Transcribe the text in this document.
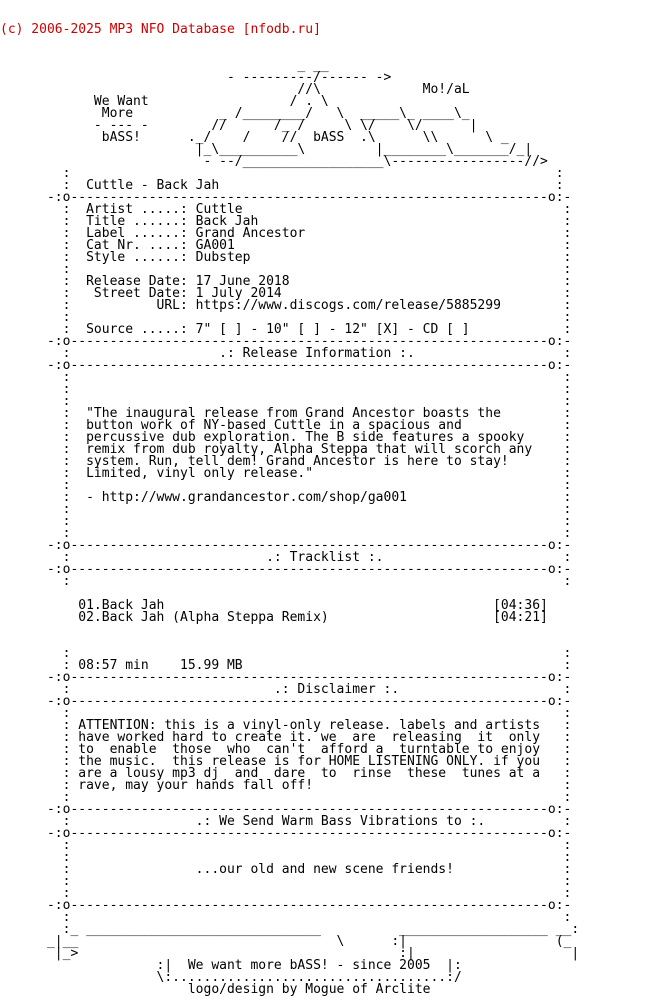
(c) 2006-2025 MP3 NFO Database [nfodb.ru]

_ __
- ---------/------ ->
//\             Mo!/aL
We Want                  / . \
More           _ /________/   \  _____\_ ____\_
- --- -        //      /_ /     \ \/    \/      |
bASS!      ._/    /    //  bASS  .\      \\      \ _
|_\__________\         |________\_______/_|
- --/__________________\-----------------//>
:                                                              :
:  Cuttle - Back Jah                                           :
-:o-------------------------------------------------------------o:-
:  Artist .....: Cuttle                                         :
:  Title ......: Back Jah                                       :
:  Label ......: Grand Ancestor                                 :
:  Cat Nr. ....: GA001                                          :
:  Style ......: Dubstep                                        :
:                                                               :
:  Release Date: 17 June 2018                                   :
:   Street Date: 1 July 2014                                    :
:           URL: https://www.discogs.com/release/5885299        :
:                                                               :
:  Source .....: 7" [ ] - 10" [ ] - 12" [X] - CD [ ]            :
-:o-------------------------------------------------------------o:-
:                   .: Release Information :.                   :
-:o-------------------------------------------------------------o:-
:                                                               :
:                                                               :
:                                                               :
:  "The inaugural release from Grand Ancestor boasts the        :
:  button work of NY-based Cuttle in a spacious and             :
:  percussive dub exploration. The B side features a spooky     :
:  remix from dub royalty, Alpha Steppa that will scorch any    :
:  system. Run, tell dem! Grand Ancestor is here to stay!       :
:  Limited, vinyl only release."                                :
:                                                               :
:  - http://www.grandancestor.com/shop/ga001                    :
:                                                               :
:                                                               :
:                                                               :
-:o-------------------------------------------------------------o:-
:                         .: Tracklist :.                       :
-:o-------------------------------------------------------------o:-
:                                                               :
01.Back Jah                                          [04:36]
02.Back Jah (Alpha Steppa Remix)                     [04:21]
:                                                               :
: 08:57 min    15.99 MB                                         :
-:o-------------------------------------------------------------o:-
:                          .: Disclaimer :.                     :
-:o-------------------------------------------------------------o:-
:                                                               :
: ATTENTION: this is a vinyl-only release. labels and artists   :
: have worked hard to create it. we  are  releasing  it  only   :
: to  enable  those  who  can't  afford a  turntable to enjoy   :
: the music.  this release is for HOME LISTENING ONLY. if you   :
: are a lousy mp3 dj  and  dare  to  rinse  these  tunes at a   :
: rave, may your hands fall off!                                :
:                                                               :
-:o-------------------------------------------------------------o:-
:                .: We Send Warm Bass Vibrations to :.          :
-:o-------------------------------------------------------------o:-
:                                                               :
:                                                               :
:                ...our old and new scene friends!              :
:                                                               :
:                                                               :
-:o-------------------------------------------------------------o:-
:                                                               :
:_ ______________________________          ___________________ __:
_|__                                 \      :|                   (_
|_>                                         :|                    |
:|  We want more bASS! - since 2005  |:
\:...................................:/
logo/design by Mogue of Arclite
